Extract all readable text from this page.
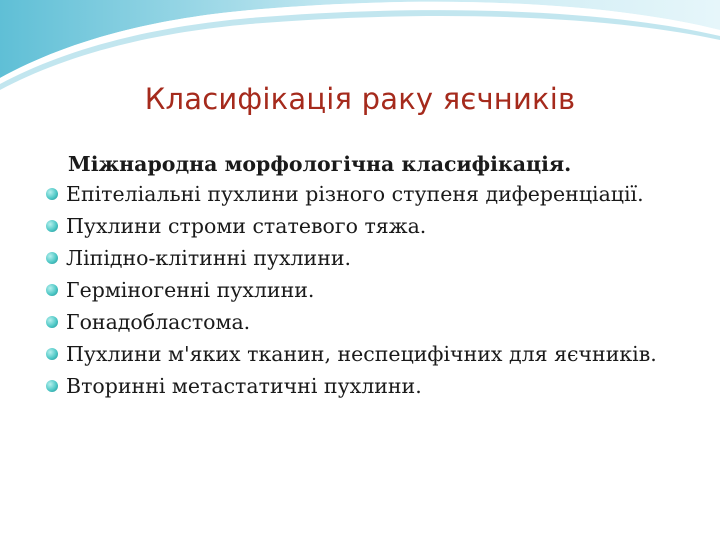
Класифікація раку яєчників
Міжнародна морфологічна класифікація.
Епітеліальні пухлини різного ступеня диференціації.
Пухлини строми статевого тяжа.
Ліпідно-клітинні пухлини.
Герміногенні пухлини.
Гонадобластома.
Пухлини м'яких тканин, неспецифічних для яєчників.
Вторинні метастатичні пухлини.
